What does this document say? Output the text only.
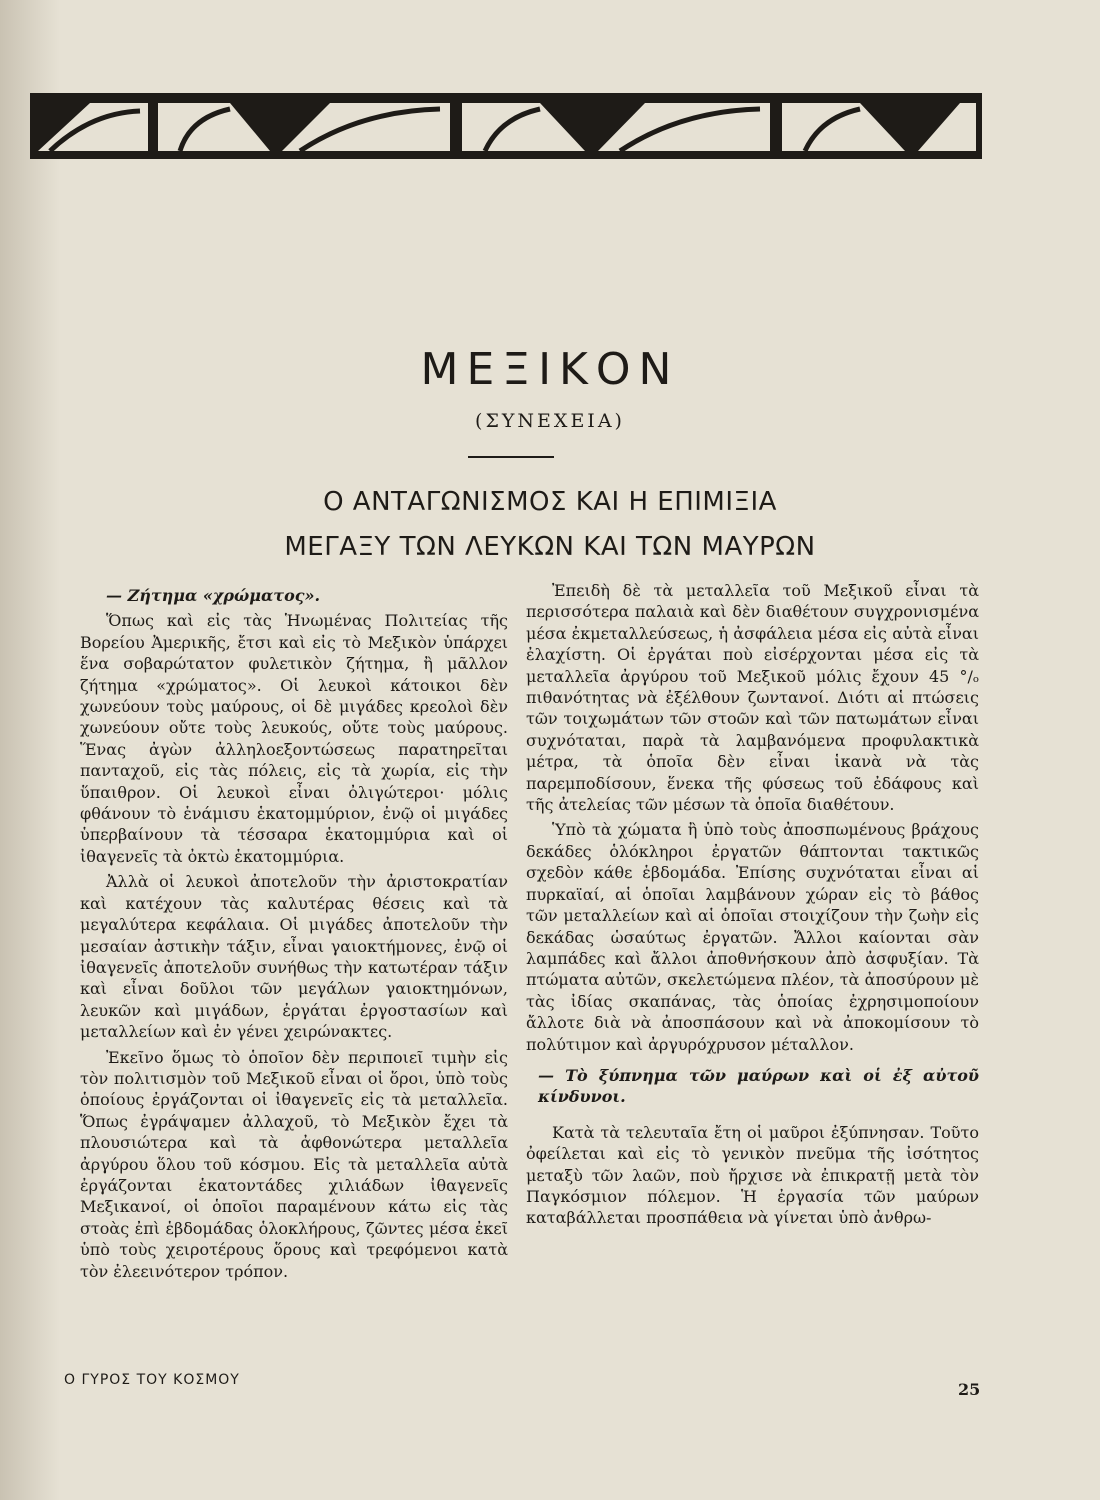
ΜΕΞΙΚΟΝ
(ΣΥΝΕΧΕΙΑ)
Ο ΑΝΤΑΓΩΝΙΣΜΟΣ ΚΑΙ Η ΕΠΙΜΙΞΙΑ
ΜΕΓΑΞΥ ΤΩΝ ΛΕΥΚΩΝ ΚΑΙ ΤΩΝ ΜΑΥΡΩΝ

— Ζήτημα «χρώματος».

Ὅπως καὶ εἰς τὰς Ἡνωμένας Πολιτείας τῆς Βορείου Ἀμερικῆς, ἔτσι καὶ εἰς τὸ Μεξικὸν ὑπάρχει ἕνα σοβαρώτατον φυλετικὸν ζήτημα, ἢ μᾶλλον ζήτημα «χρώματος». Οἱ λευκοὶ κάτοικοι δὲν χωνεύουν τοὺς μαύρους, οἱ δὲ μιγάδες κρεολοὶ δὲν χωνεύουν οὔτε τοὺς λευκούς, οὔτε τοὺς μαύρους. Ἕνας ἀγὼν ἀλληλοεξοντώσεως παρατηρεῖται πανταχοῦ, εἰς τὰς πόλεις, εἰς τὰ χωρία, εἰς τὴν ὕπαιθρον. Οἱ λευκοὶ εἶναι ὀλιγώτεροι· μόλις φθάνουν τὸ ἑνάμισυ ἑκατομμύριον, ἐνῷ οἱ μιγάδες ὑπερβαίνουν τὰ τέσσαρα ἑκατομμύρια καὶ οἱ ἰθαγενεῖς τὰ ὀκτὼ ἑκατομμύρια.

Ἀλλὰ οἱ λευκοὶ ἀποτελοῦν τὴν ἀριστοκρατίαν καὶ κατέχουν τὰς καλυτέρας θέσεις καὶ τὰ μεγαλύτερα κεφάλαια. Οἱ μιγάδες ἀποτελοῦν τὴν μεσαίαν ἀστικὴν τάξιν, εἶναι γαιοκτήμονες, ἐνῷ οἱ ἰθαγενεῖς ἀποτελοῦν συνήθως τὴν κατωτέραν τάξιν καὶ εἶναι δοῦλοι τῶν μεγάλων γαιοκτημόνων, λευκῶν καὶ μιγάδων, ἐργάται ἐργοστασίων καὶ μεταλλείων καὶ ἐν γένει χειρώνακτες.

Ἐκεῖνο ὅμως τὸ ὁποῖον δὲν περιποιεῖ τιμὴν εἰς τὸν πολιτισμὸν τοῦ Μεξικοῦ εἶναι οἱ ὅροι, ὑπὸ τοὺς ὁποίους ἐργάζονται οἱ ἰθαγενεῖς εἰς τὰ μεταλλεῖα. Ὅπως ἐγράψαμεν ἀλλαχοῦ, τὸ Μεξικὸν ἔχει τὰ πλουσιώτερα καὶ τὰ ἀφθονώτερα μεταλλεῖα ἀργύρου ὅλου τοῦ κόσμου. Εἰς τὰ μεταλλεῖα αὐτὰ ἐργάζονται ἑκατοντάδες χιλιάδων ἰθαγενεῖς Μεξικανοί, οἱ ὁποῖοι παραμένουν κάτω εἰς τὰς στοὰς ἐπὶ ἑβδομάδας ὁλοκλήρους, ζῶντες μέσα ἐκεῖ ὑπὸ τοὺς χειροτέρους ὅρους καὶ τρεφόμενοι κατὰ τὸν ἐλεεινότερον τρόπον.

Ἐπειδὴ δὲ τὰ μεταλλεῖα τοῦ Μεξικοῦ εἶναι τὰ περισσότερα παλαιὰ καὶ δὲν διαθέτουν συγχρονισμένα μέσα ἐκμεταλλεύσεως, ἡ ἀσφάλεια μέσα εἰς αὐτὰ εἶναι ἐλαχίστη. Οἱ ἐργάται ποὺ εἰσέρχονται μέσα εἰς τὰ μεταλλεῖα ἀργύρου τοῦ Μεξικοῦ μόλις ἔχουν 45 °/ₒ πιθανότητας νὰ ἐξέλθουν ζωντανοί. Διότι αἱ πτώσεις τῶν τοιχωμάτων τῶν στοῶν καὶ τῶν πατωμάτων εἶναι συχνόταται, παρὰ τὰ λαμβανόμενα προφυλακτικὰ μέτρα, τὰ ὁποῖα δὲν εἶναι ἱκανὰ νὰ τὰς παρεμποδίσουν, ἕνεκα τῆς φύσεως τοῦ ἐδάφους καὶ τῆς ἀτελείας τῶν μέσων τὰ ὁποῖα διαθέτουν.

Ὑπὸ τὰ χώματα ἢ ὑπὸ τοὺς ἀποσπωμένους βράχους δεκάδες ὁλόκληροι ἐργατῶν θάπτονται τακτικῶς σχεδὸν κάθε ἑβδομάδα. Ἐπίσης συχνόταται εἶναι αἱ πυρκαϊαί, αἱ ὁποῖαι λαμβάνουν χώραν εἰς τὸ βάθος τῶν μεταλλείων καὶ αἱ ὁποῖαι στοιχίζουν τὴν ζωὴν εἰς δεκάδας ὡσαύτως ἐργατῶν. Ἄλλοι καίονται σὰν λαμπάδες καὶ ἄλλοι ἀποθνήσκουν ἀπὸ ἀσφυξίαν. Τὰ πτώματα αὐτῶν, σκελετώμενα πλέον, τὰ ἀποσύρουν μὲ τὰς ἰδίας σκαπάνας, τὰς ὁποίας ἐχρησιμοποίουν ἄλλοτε διὰ νὰ ἀποσπάσουν καὶ νὰ ἀποκομίσουν τὸ πολύτιμον καὶ ἀργυρόχρυσον μέταλλον.

— Τὸ ξύπνημα τῶν μαύρων καὶ οἱ ἐξ αὐτοῦ κίνδυνοι.

Κατὰ τὰ τελευταῖα ἔτη οἱ μαῦροι ἐξύπνησαν. Τοῦτο ὀφείλεται καὶ εἰς τὸ γενικὸν πνεῦμα τῆς ἰσότητος μεταξὺ τῶν λαῶν, ποὺ ἤρχισε νὰ ἐπικρατῇ μετὰ τὸν Παγκόσμιον πόλεμον. Ἡ ἐργασία τῶν μαύρων καταβάλλεται προσπάθεια νὰ γίνεται ὑπὸ ἀνθρω-

Ο ΓΥΡΟΣ ΤΟΥ ΚΟΣΜΟΥ	25
